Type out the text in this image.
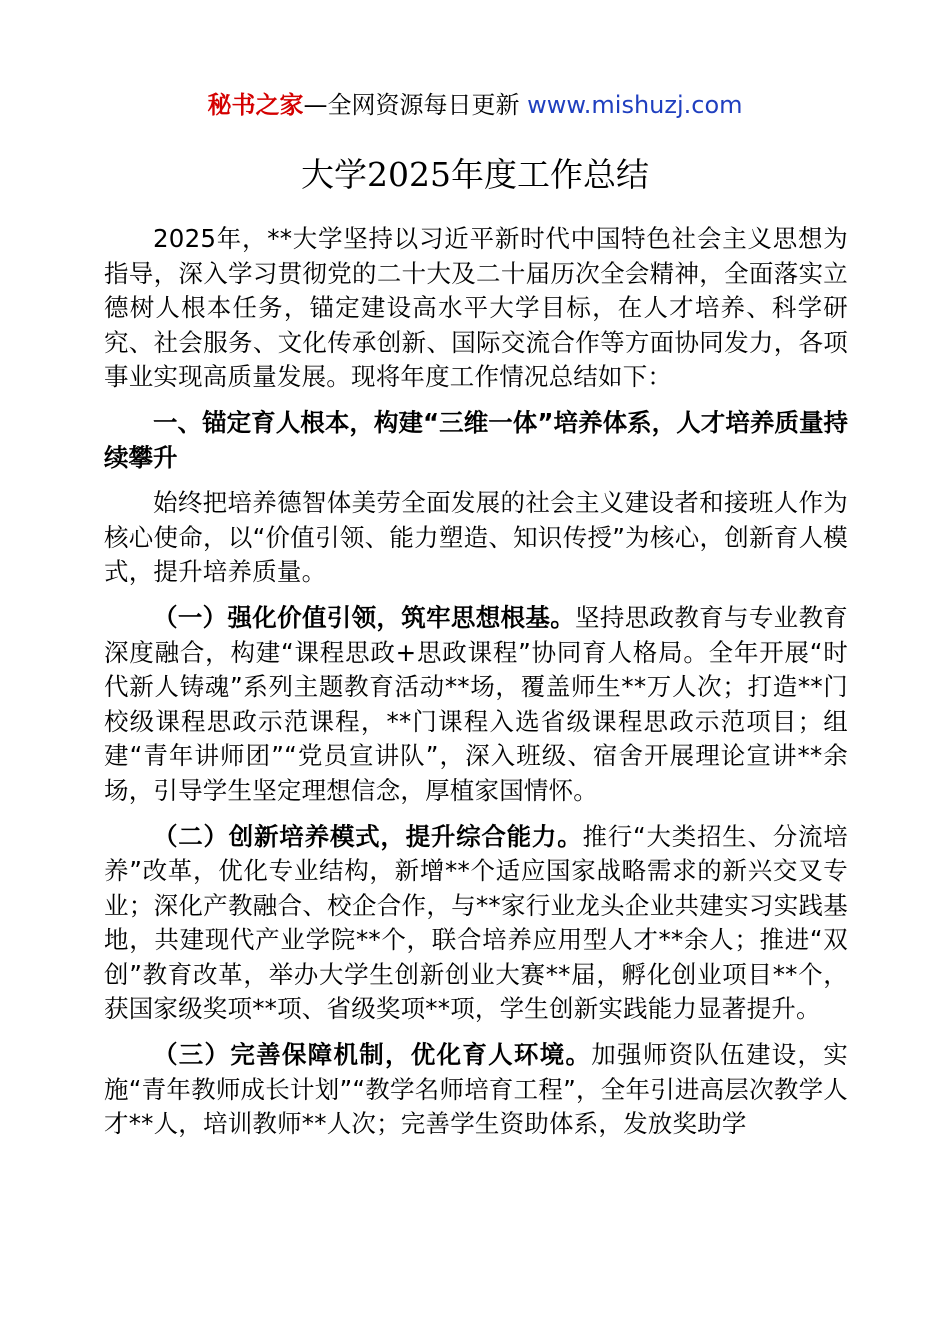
秘书之家—全网资源每日更新 www.mishuzj.com
大学2025年度工作总结

2025年，**大学坚持以习近平新时代中国特色社会主义思想为指导，深入学习贯彻党的二十大及二十届历次全会精神，全面落实立德树人根本任务，锚定建设高水平大学目标，在人才培养、科学研究、社会服务、文化传承创新、国际交流合作等方面协同发力，各项事业实现高质量发展。现将年度工作情况总结如下：

一、锚定育人根本，构建“三维一体”培养体系，人才培养质量持续攀升

始终把培养德智体美劳全面发展的社会主义建设者和接班人作为核心使命，以“价值引领、能力塑造、知识传授”为核心，创新育人模式，提升培养质量。

（一）强化价值引领，筑牢思想根基。坚持思政教育与专业教育深度融合，构建“课程思政+思政课程”协同育人格局。全年开展“时代新人铸魂”系列主题教育活动**场，覆盖师生**万人次；打造**门校级课程思政示范课程，**门课程入选省级课程思政示范项目；组建“青年讲师团”“党员宣讲队”，深入班级、宿舍开展理论宣讲**余场，引导学生坚定理想信念，厚植家国情怀。

（二）创新培养模式，提升综合能力。推行“大类招生、分流培养”改革，优化专业结构，新增**个适应国家战略需求的新兴交叉专业；深化产教融合、校企合作，与**家行业龙头企业共建实习实践基地，共建现代产业学院**个，联合培养应用型人才**余人；推进“双创”教育改革，举办大学生创新创业大赛**届，孵化创业项目**个，获国家级奖项**项、省级奖项**项，学生创新实践能力显著提升。

（三）完善保障机制，优化育人环境。加强师资队伍建设，实施“青年教师成长计划”“教学名师培育工程”，全年引进高层次教学人才**人，培训教师**人次；完善学生资助体系，发放奖助学
